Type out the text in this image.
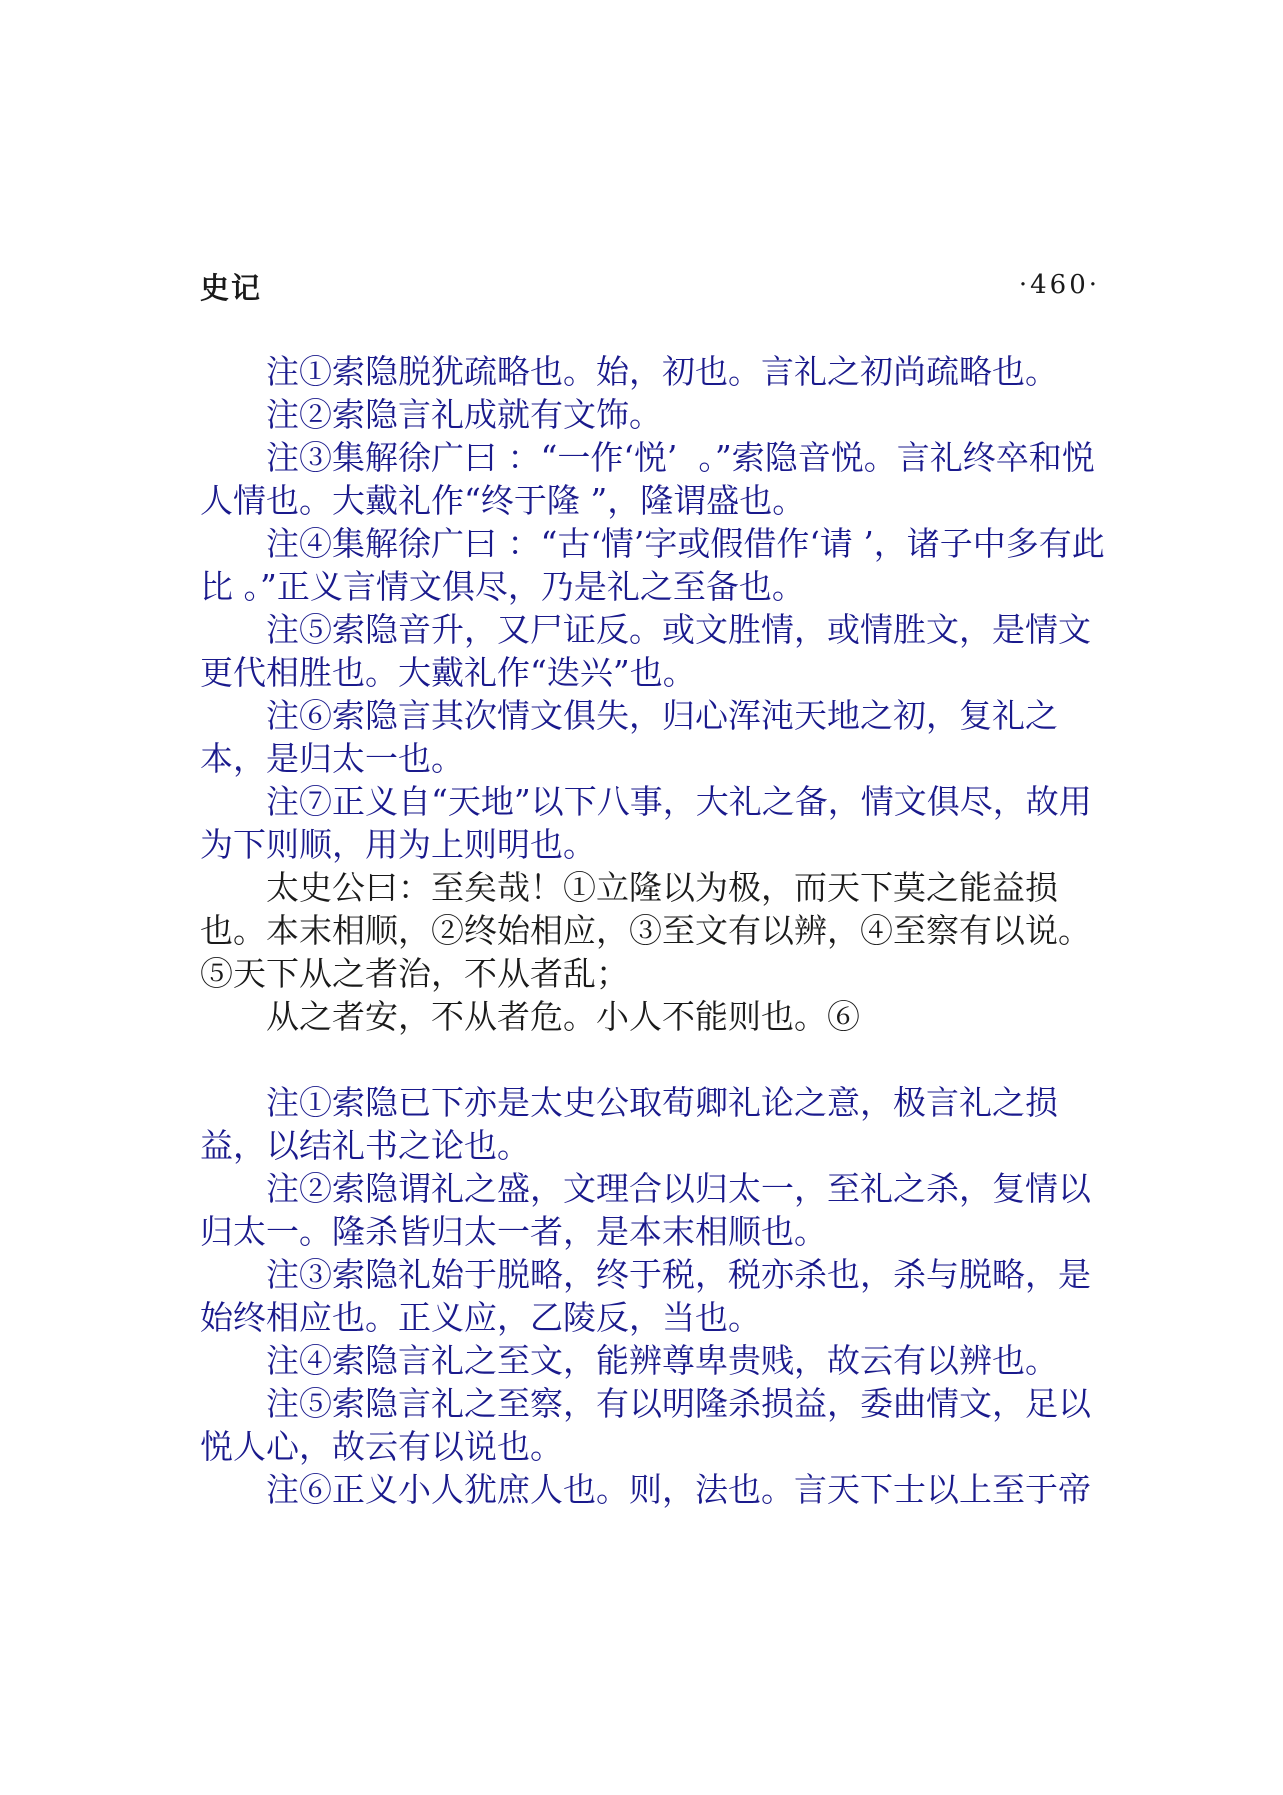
史记	·460·

注①索隐脱犹疏略也。始，初也。言礼之初尚疏略也。

注②索隐言礼成就有文饰。

注③集解徐广曰 ：“一作‘悦’  。”索隐音悦。言礼终卒和悦人情也。大戴礼作“终于隆 ”，隆谓盛也。

注④集解徐广曰 ：“古‘情’字或假借作‘请 ’，诸子中多有此比 。”正义言情文俱尽，乃是礼之至备也。

注⑤索隐音升，又尸证反。或文胜情，或情胜文，是情文更代相胜也。大戴礼作“迭兴”也。

注⑥索隐言其次情文俱失，归心浑沌天地之初，复礼之本，是归太一也。

注⑦正义自“天地”以下八事，大礼之备，情文俱尽，故用为下则顺，用为上则明也。

太史公曰：至矣哉！①立隆以为极，而天下莫之能益损也。本末相顺，②终始相应，③至文有以辨，④至察有以说。⑤天下从之者治，不从者乱；

从之者安，不从者危。小人不能则也。⑥

注①索隐已下亦是太史公取荀卿礼论之意，极言礼之损益，以结礼书之论也。

注②索隐谓礼之盛，文理合以归太一，至礼之杀，复情以归太一。隆杀皆归太一者，是本末相顺也。

注③索隐礼始于脱略，终于税，税亦杀也，杀与脱略，是始终相应也。正义应，乙陵反，当也。

注④索隐言礼之至文，能辨尊卑贵贱，故云有以辨也。

注⑤索隐言礼之至察，有以明隆杀损益，委曲情文，足以悦人心，故云有以说也。

注⑥正义小人犹庶人也。则，法也。言天下士以上至于帝
